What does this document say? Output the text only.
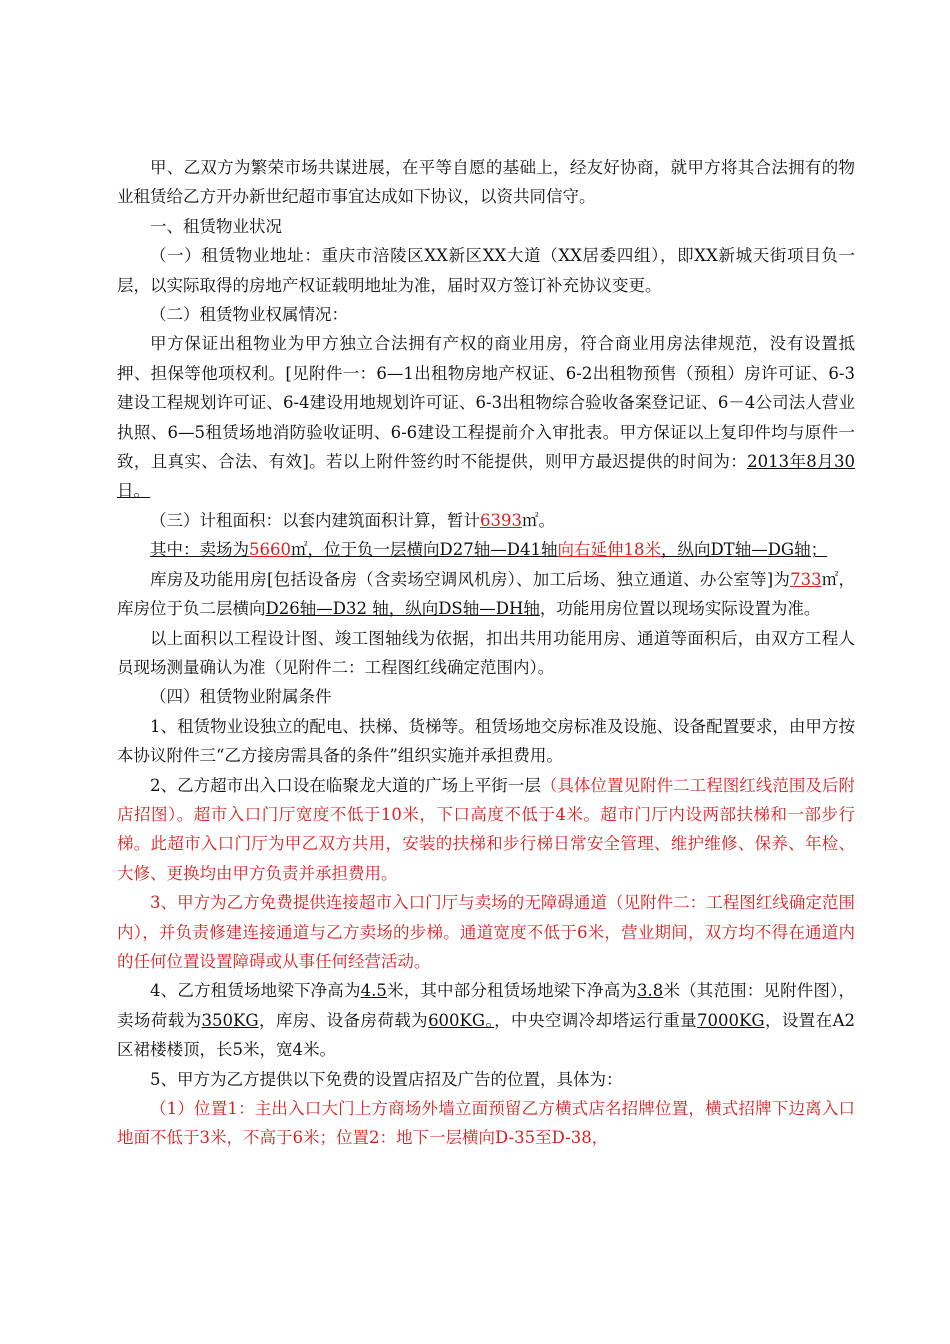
甲、乙双方为繁荣市场共谋进展，在平等自愿的基础上，经友好协商，就甲方将其合法拥有的物业租赁给乙方开办新世纪超市事宜达成如下协议，以资共同信守。

一、租赁物业状况

（一）租赁物业地址：重庆市涪陵区XX新区XX大道（XX居委四组），即XX新城天街项目负一层，以实际取得的房地产权证载明地址为准，届时双方签订补充协议变更。

（二）租赁物业权属情况：

甲方保证出租物业为甲方独立合法拥有产权的商业用房，符合商业用房法律规范，没有设置抵押、担保等他项权利。[见附件一：6—1出租物房地产权证、6-2出租物预售（预租）房许可证、6-3建设工程规划许可证、6-4建设用地规划许可证、6-3出租物综合验收备案登记证、6－4公司法人营业执照、6—5租赁场地消防验收证明、6-6建设工程提前介入审批表。甲方保证以上复印件均与原件一致，且真实、合法、有效]。若以上附件签约时不能提供，则甲方最迟提供的时间为：2013年8月30日。

（三）计租面积：以套内建筑面积计算，暂计6393㎡。

其中：卖场为5660㎡，位于负一层横向D27轴—D41轴向右延伸18米，纵向DT轴—DG轴；

库房及功能用房[包括设备房（含卖场空调风机房）、加工后场、独立通道、办公室等]为733㎡，库房位于负二层横向D26轴—D32 轴，纵向DS轴—DH轴，功能用房位置以现场实际设置为准。

以上面积以工程设计图、竣工图轴线为依据，扣出共用功能用房、通道等面积后，由双方工程人员现场测量确认为准（见附件二：工程图红线确定范围内）。

（四）租赁物业附属条件

1、租赁物业设独立的配电、扶梯、货梯等。租赁场地交房标准及设施、设备配置要求，由甲方按本协议附件三“乙方接房需具备的条件”组织实施并承担费用。

2、乙方超市出入口设在临聚龙大道的广场上平街一层（具体位置见附件二工程图红线范围及后附店招图）。超市入口门厅宽度不低于10米，下口高度不低于4米。超市门厅内设两部扶梯和一部步行梯。此超市入口门厅为甲乙双方共用，安装的扶梯和步行梯日常安全管理、维护维修、保养、年检、大修、更换均由甲方负责并承担费用。

3、甲方为乙方免费提供连接超市入口门厅与卖场的无障碍通道（见附件二：工程图红线确定范围内），并负责修建连接通道与乙方卖场的步梯。通道宽度不低于6米，营业期间，双方均不得在通道内的任何位置设置障碍或从事任何经营活动。

4、乙方租赁场地梁下净高为4.5米，其中部分租赁场地梁下净高为3.8米（其范围：见附件图），卖场荷载为350KG，库房、设备房荷载为600KG。，中央空调冷却塔运行重量7000KG，设置在A2区裙楼楼顶，长5米，宽4米。

5、甲方为乙方提供以下免费的设置店招及广告的位置，具体为：

（1）位置1：主出入口大门上方商场外墙立面预留乙方横式店名招牌位置，横式招牌下边离入口地面不低于3米，不高于6米；位置2：地下一层横向D-35至D-38，
